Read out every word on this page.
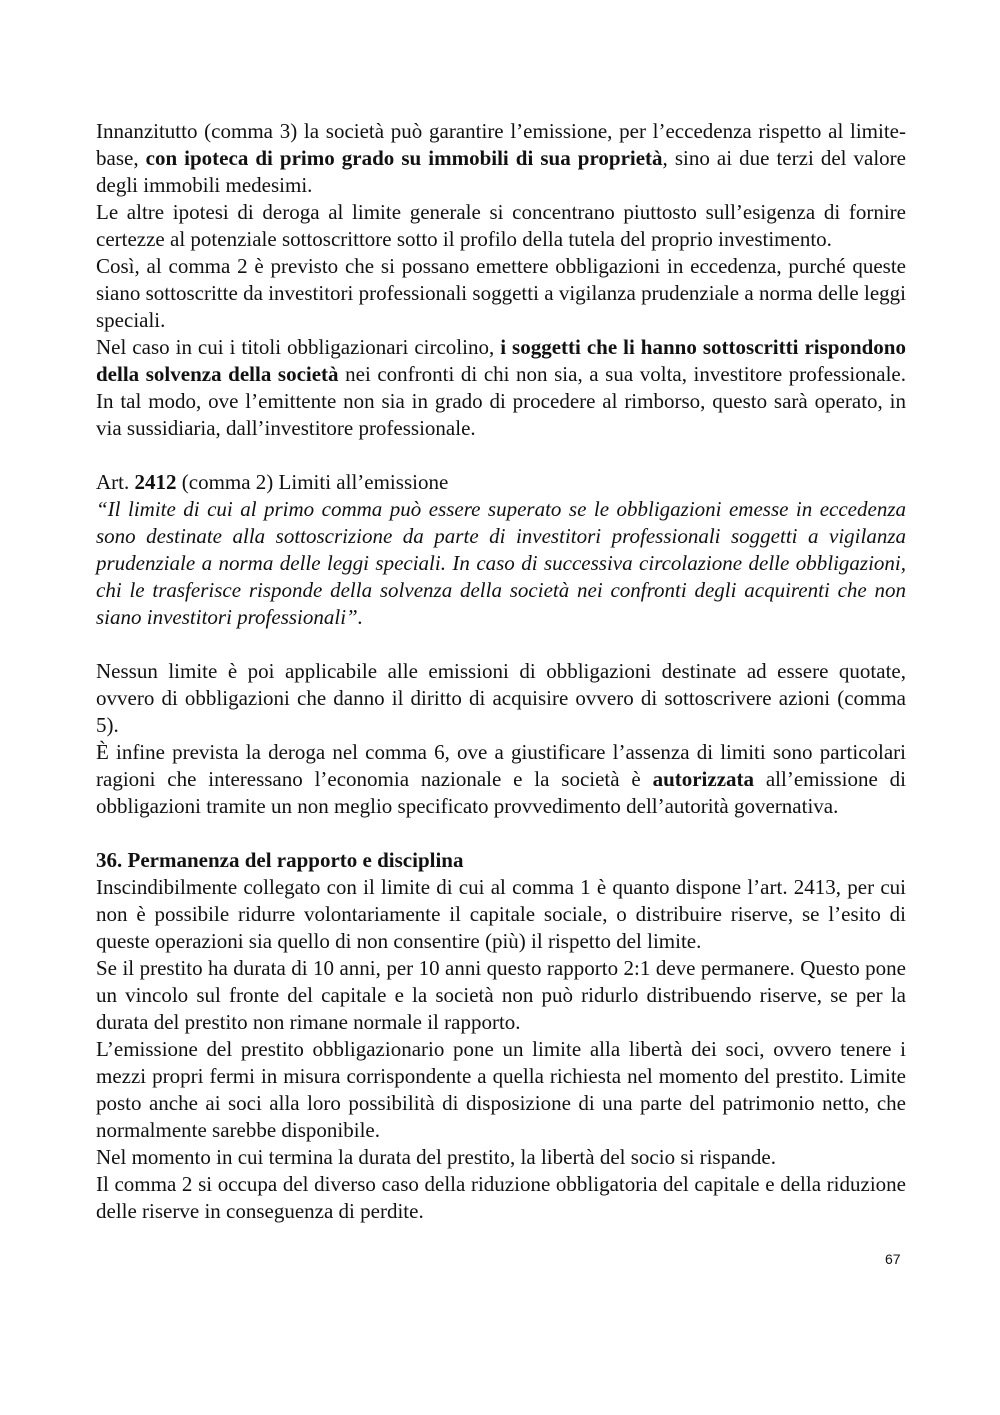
Innanzitutto (comma 3) la società può garantire l’emissione, per l’eccedenza rispetto al limite-base, con ipoteca di primo grado su immobili di sua proprietà, sino ai due terzi del valore degli immobili medesimi.

Le altre ipotesi di deroga al limite generale si concentrano piuttosto sull’esigenza di fornire certezze al potenziale sottoscrittore sotto il profilo della tutela del proprio investimento.

Così, al comma 2 è previsto che si possano emettere obbligazioni in eccedenza, purché queste siano sottoscritte da investitori professionali soggetti a vigilanza prudenziale a norma delle leggi speciali.

Nel caso in cui i titoli obbligazionari circolino, i soggetti che li hanno sottoscritti rispondono della solvenza della società nei confronti di chi non sia, a sua volta, investitore professionale. In tal modo, ove l’emittente non sia in grado di procedere al rimborso, questo sarà operato, in via sussidiaria, dall’investitore professionale.

Art. 2412 (comma 2) Limiti all’emissione

“Il limite di cui al primo comma può essere superato se le obbligazioni emesse in eccedenza sono destinate alla sottoscrizione da parte di investitori professionali soggetti a vigilanza prudenziale a norma delle leggi speciali. In caso di successiva circolazione delle obbligazioni, chi le trasferisce risponde della solvenza della società nei confronti degli acquirenti che non siano investitori professionali”.

Nessun limite è poi applicabile alle emissioni di obbligazioni destinate ad essere quotate, ovvero di obbligazioni che danno il diritto di acquisire ovvero di sottoscrivere azioni (comma 5).

È infine prevista la deroga nel comma 6, ove a giustificare l’assenza di limiti sono particolari ragioni che interessano l’economia nazionale e la società è autorizzata all’emissione di obbligazioni tramite un non meglio specificato provvedimento dell’autorità governativa.

36. Permanenza del rapporto e disciplina

Inscindibilmente collegato con il limite di cui al comma 1 è quanto dispone l’art. 2413, per cui non è possibile ridurre volontariamente il capitale sociale, o distribuire riserve, se l’esito di queste operazioni sia quello di non consentire (più) il rispetto del limite.

Se il prestito ha durata di 10 anni, per 10 anni questo rapporto 2:1 deve permanere. Questo pone un vincolo sul fronte del capitale e la società non può ridurlo distribuendo riserve, se per la durata del prestito non rimane normale il rapporto.

L’emissione del prestito obbligazionario pone un limite alla libertà dei soci, ovvero tenere i mezzi propri fermi in misura corrispondente a quella richiesta nel momento del prestito. Limite posto anche ai soci alla loro possibilità di disposizione di una parte del patrimonio netto, che normalmente sarebbe disponibile.

Nel momento in cui termina la durata del prestito, la libertà del socio si rispande.

Il comma 2 si occupa del diverso caso della riduzione obbligatoria del capitale e della riduzione delle riserve in conseguenza di perdite.

67
